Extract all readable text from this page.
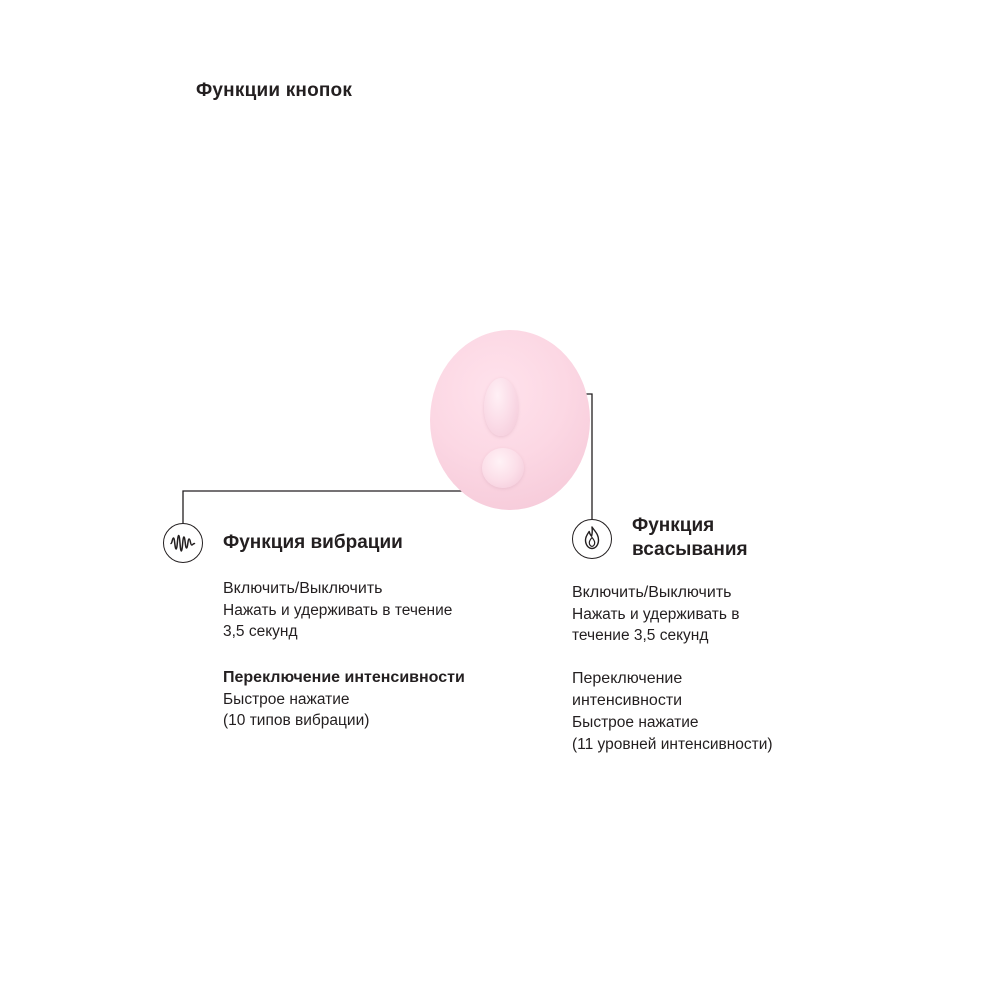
Функции кнопок
Функция вибрации
Включить/Выключить
Нажать и удерживать в течение
3,5 секунд
Переключение интенсивности
Быстрое нажатие
(10 типов вибрации)
Функция
всасывания
Включить/Выключить
Нажать и удерживать в
течение 3,5 секунд
Переключение
интенсивности
Быстрое нажатие
(11 уровней интенсивности)
